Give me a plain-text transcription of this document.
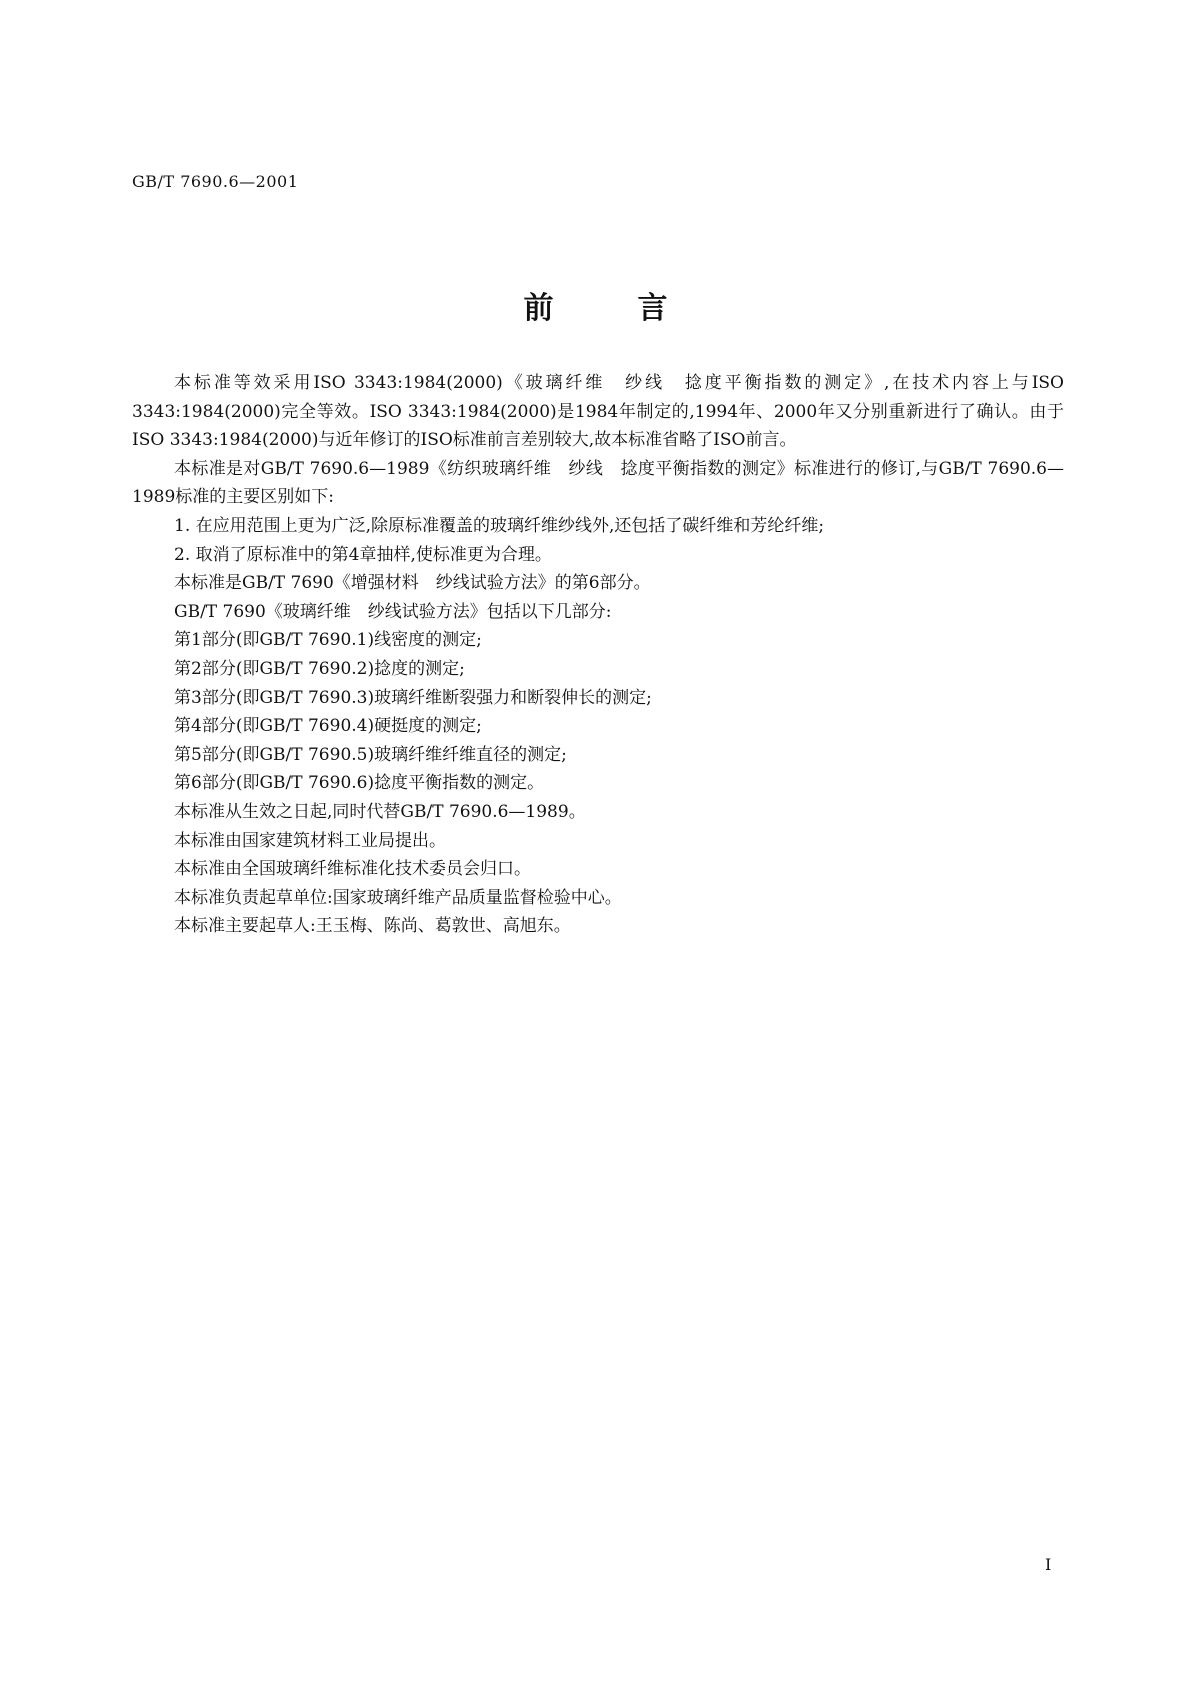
GB/T 7690.6—2001
前	言

本标准等效采用ISO 3343:1984(2000)《玻璃纤维　纱线　捻度平衡指数的测定》,在技术内容上与ISO 3343:1984(2000)完全等效。ISO 3343:1984(2000)是1984年制定的,1994年、2000年又分别重新进行了确认。由于ISO 3343:1984(2000)与近年修订的ISO标准前言差别较大,故本标准省略了ISO前言。

本标准是对GB/T 7690.6—1989《纺织玻璃纤维　纱线　捻度平衡指数的测定》标准进行的修订,与GB/T 7690.6—1989标准的主要区别如下:

1. 在应用范围上更为广泛,除原标准覆盖的玻璃纤维纱线外,还包括了碳纤维和芳纶纤维;

2. 取消了原标准中的第4章抽样,使标准更为合理。

本标准是GB/T 7690《增强材料　纱线试验方法》的第6部分。

GB/T 7690《玻璃纤维　纱线试验方法》包括以下几部分:

第1部分(即GB/T 7690.1)线密度的测定;

第2部分(即GB/T 7690.2)捻度的测定;

第3部分(即GB/T 7690.3)玻璃纤维断裂强力和断裂伸长的测定;

第4部分(即GB/T 7690.4)硬挺度的测定;

第5部分(即GB/T 7690.5)玻璃纤维纤维直径的测定;

第6部分(即GB/T 7690.6)捻度平衡指数的测定。

本标准从生效之日起,同时代替GB/T 7690.6—1989。

本标准由国家建筑材料工业局提出。

本标准由全国玻璃纤维标准化技术委员会归口。

本标准负责起草单位:国家玻璃纤维产品质量监督检验中心。

本标准主要起草人:王玉梅、陈尚、葛敦世、高旭东。

I
